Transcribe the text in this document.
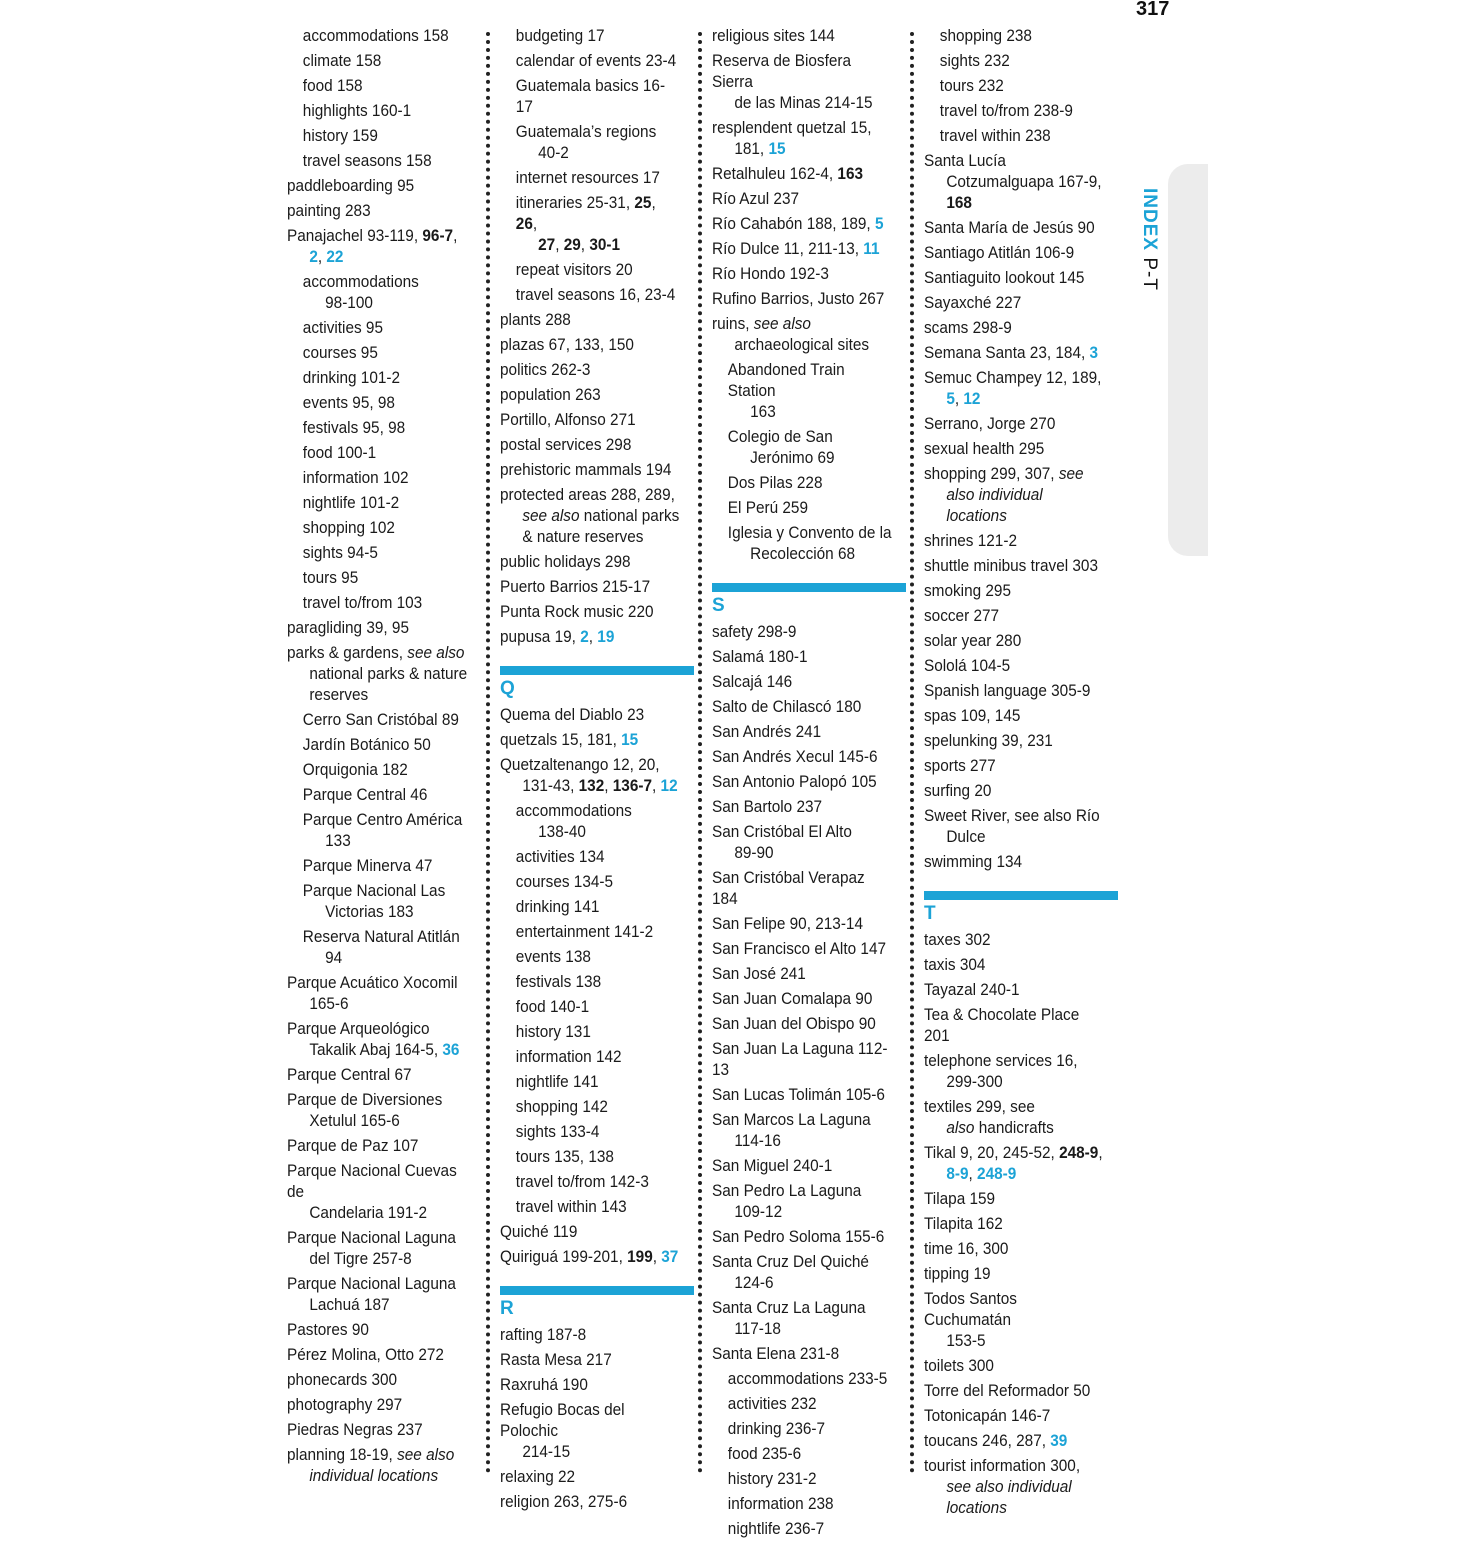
317
accommodations 158
climate 158
food 158
highlights 160-1
history 159
travel seasons 158
paddleboarding 95
painting 283
Panajachel 93-119, 96-7,
2, 22
accommodations
98-100
activities 95
courses 95
drinking 101-2
events 95, 98
festivals 95, 98
food 100-1
information 102
nightlife 101-2
shopping 102
sights 94-5
tours 95
travel to/from 103
paragliding 39, 95
parks & gardens, see also
national parks & nature
reserves
Cerro San Cristóbal 89
Jardín Botánico 50
Orquigonia 182
Parque Central 46
Parque Centro América
133
Parque Minerva 47
Parque Nacional Las
Victorias 183
Reserva Natural Atitlán
94
Parque Acuático Xocomil
165-6
Parque Arqueológico
Takalik Abaj 164-5, 36
Parque Central 67
Parque de Diversiones
Xetulul 165-6
Parque de Paz 107
Parque Nacional Cuevas de
Candelaria 191-2
Parque Nacional Laguna
del Tigre 257-8
Parque Nacional Laguna
Lachuá 187
Pastores 90
Pérez Molina, Otto 272
phonecards 300
photography 297
Piedras Negras 237
planning 18-19, see also
individual locations
budgeting 17
calendar of events 23-4
Guatemala basics 16-17
Guatemala’s regions
40-2
internet resources 17
itineraries 25-31, 25, 26,
27, 29, 30-1
repeat visitors 20
travel seasons 16, 23-4
plants 288
plazas 67, 133, 150
politics 262-3
population 263
Portillo, Alfonso 271
postal services 298
prehistoric mammals 194
protected areas 288, 289,
see also national parks
& nature reserves
public holidays 298
Puerto Barrios 215-17
Punta Rock music 220
pupusa 19, 2, 19
Q
Quema del Diablo 23
quetzals 15, 181, 15
Quetzaltenango 12, 20,
131-43, 132, 136-7, 12
accommodations
138-40
activities 134
courses 134-5
drinking 141
entertainment 141-2
events 138
festivals 138
food 140-1
history 131
information 142
nightlife 141
shopping 142
sights 133-4
tours 135, 138
travel to/from 142-3
travel within 143
Quiché 119
Quiriguá 199-201, 199, 37
R
rafting 187-8
Rasta Mesa 217
Raxruhá 190
Refugio Bocas del Polochic
214-15
relaxing 22
religion 263, 275-6
religious sites 144
Reserva de Biosfera Sierra
de las Minas 214-15
resplendent quetzal 15,
181, 15
Retalhuleu 162-4, 163
Río Azul 237
Río Cahabón 188, 189, 5
Río Dulce 11, 211-13, 11
Río Hondo 192-3
Rufino Barrios, Justo 267
ruins, see also
archaeological sites
Abandoned Train Station
163
Colegio de San
Jerónimo 69
Dos Pilas 228
El Perú 259
Iglesia y Convento de la
Recolección 68
S
safety 298-9
Salamá 180-1
Salcajá 146
Salto de Chilascó 180
San Andrés 241
San Andrés Xecul 145-6
San Antonio Palopó 105
San Bartolo 237
San Cristóbal El Alto
89-90
San Cristóbal Verapaz 184
San Felipe 90, 213-14
San Francisco el Alto 147
San José 241
San Juan Comalapa 90
San Juan del Obispo 90
San Juan La Laguna 112-13
San Lucas Tolimán 105-6
San Marcos La Laguna
114-16
San Miguel 240-1
San Pedro La Laguna
109-12
San Pedro Soloma 155-6
Santa Cruz Del Quiché
124-6
Santa Cruz La Laguna
117-18
Santa Elena 231-8
accommodations 233-5
activities 232
drinking 236-7
food 235-6
history 231-2
information 238
nightlife 236-7
shopping 238
sights 232
tours 232
travel to/from 238-9
travel within 238
Santa Lucía
Cotzumalguapa 167-9,
168
Santa María de Jesús 90
Santiago Atitlán 106-9
Santiaguito lookout 145
Sayaxché 227
scams 298-9
Semana Santa 23, 184, 3
Semuc Champey 12, 189,
5, 12
Serrano, Jorge 270
sexual health 295
shopping 299, 307, see
also individual locations
shrines 121-2
shuttle minibus travel 303
smoking 295
soccer 277
solar year 280
Sololá 104-5
Spanish language 305-9
spas 109, 145
spelunking 39, 231
sports 277
surfing 20
Sweet River, see also Río
Dulce
swimming 134
T
taxes 302
taxis 304
Tayazal 240-1
Tea & Chocolate Place 201
telephone services 16,
299-300
textiles 299, see
also handicrafts
Tikal 9, 20, 245-52, 248-9,
8-9, 248-9
Tilapa 159
Tilapita 162
time 16, 300
tipping 19
Todos Santos Cuchumatán
153-5
toilets 300
Torre del Reformador 50
Totonicapán 146-7
toucans 246, 287, 39
tourist information 300,
see also individual
locations
INDEX P-T
